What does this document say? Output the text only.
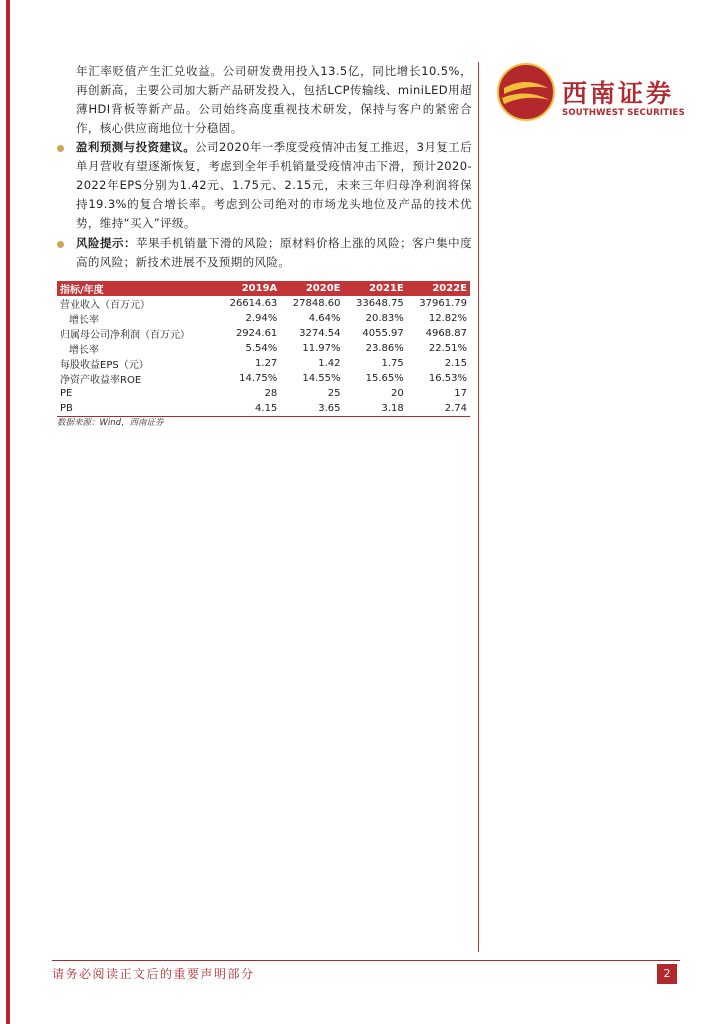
西南证券
SOUTHWEST SECURITIES
年汇率贬值产生汇兑收益。公司研发费用投入13.5亿，同比增长10.5%，再创新高，主要公司加大新产品研发投入，包括LCP传输线、miniLED用超薄HDI背板等新产品。公司始终高度重视技术研发，保持与客户的紧密合作，核心供应商地位十分稳固。
盈利预测与投资建议。公司2020年一季度受疫情冲击复工推迟，3月复工后单月营收有望逐渐恢复，考虑到全年手机销量受疫情冲击下滑，预计2020-2022年EPS分别为1.42元、1.75元、2.15元，未来三年归母净利润将保持19.3%的复合增长率。考虑到公司绝对的市场龙头地位及产品的技术优势，维持“买入”评级。
风险提示：苹果手机销量下滑的风险；原材料价格上涨的风险；客户集中度高的风险；新技术进展不及预期的风险。
指标/年度	2019A	2020E	2021E	2022E
营业收入（百万元）	26614.63	27848.60	33648.75	37961.79
增长率	2.94%	4.64%	20.83%	12.82%
归属母公司净利润（百万元）	2924.61	3274.54	4055.97	4968.87
增长率	5.54%	11.97%	23.86%	22.51%
每股收益EPS（元）	1.27	1.42	1.75	2.15
净资产收益率ROE	14.75%	14.55%	15.65%	16.53%
PE	28	25	20	17
PB	4.15	3.65	3.18	2.74
数据来源：Wind，西南证券
请务必阅读正文后的重要声明部分	2
